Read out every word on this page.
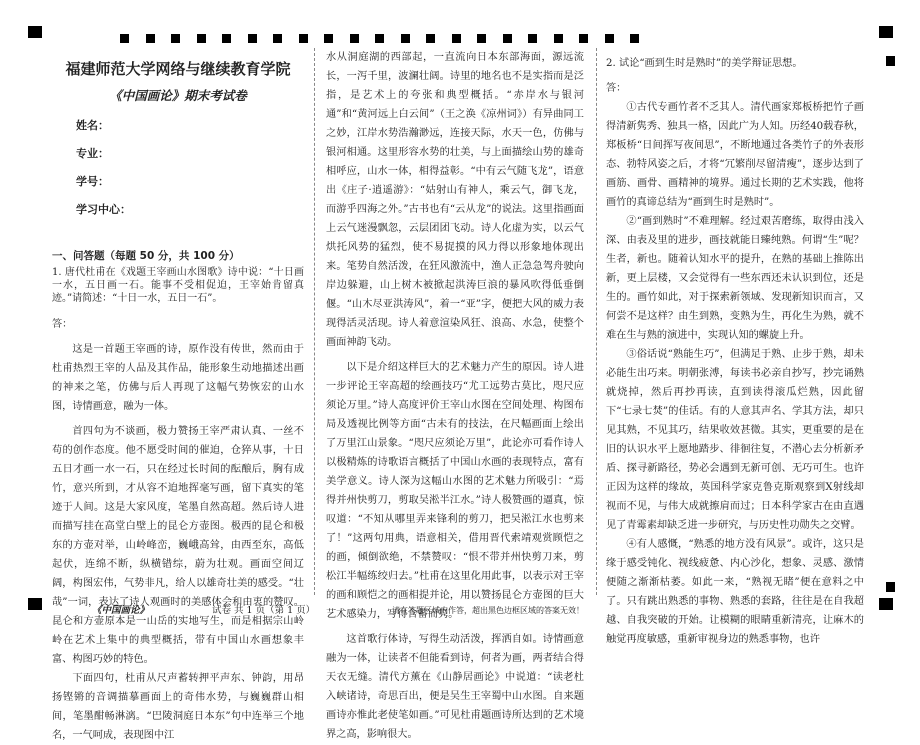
福建师范大学网络与继续教育学院
《中国画论》期末考试卷
姓名：
专业：
学号：
学习中心：
一、问答题（每题 50 分，共 100 分）
1. 唐代杜甫在《戏题王宰画山水图歌》诗中说：“十日画一水，五日画一石。能事不受相促迫，王宰始肯留真迹。”请简述：“十日一水，五日一石”。
答：

这是一首题王宰画的诗，原作没有传世，然而由于杜甫热烈王宰的人品及其作品，能形象生动地描述出画的神来之笔，仿佛与后人再现了这幅气势恢宏的山水图，诗情画意，融为一体。

首四句为不谈画，极力赞扬王宰严肃认真、一丝不苟的创作态度。他不愿受时间的催迫，仓猝从事，十日五日才画一水一石，只在经过长时间的酝酿后，胸有成竹，意兴所到，才从容不迫地挥毫写画，留下真实的笔迹于人间。这是大家风度，笔墨自然高超。然后诗人进而描写挂在高堂白壁上的昆仑方壶图。极西的昆仑和极东的方壶对举，山岭峰峦，巍峨高耸，由西至东，高低起伏，连绵不断，纵横错综，蔚为壮观。画面空间辽阔，构图宏伟，气势非凡，给人以雄奇壮美的感受。“壮哉”一词，表达了诗人观画时的美感体会和由衷的赞叹。昆仑和方壶原本是一山岳的实地写生，而是相据宗山岭岭在艺术上集中的典型概括，带有中国山水画想象丰富、构图巧妙的特色。

下面四句，杜甫从尺声蓄转押平声东、钟韵，用昂扬铿锵的音调描摹画面上的奇伟水势，与巍巍群山相间，笔墨酣畅淋漓。“巴陵洞庭日本东”句中连举三个地名，一气呵成，表现图中江

水从洞庭湖的西部起，一直流向日本东部海面，源远流长，一泻千里，波澜壮阔。诗里的地名也不是实指而是泛指，是艺术上的夸张和典型概括。“赤岸水与银河通”和“黄河远上白云间”（王之涣《凉州词》）有异曲同工之妙，江岸水势浩瀚渺远，连接天际，水天一色，仿佛与银河相通。这里形容水势的壮美，与上面描绘山势的雄奇相呼应，山水一体，相得益彰。“中有云气随飞龙”，语意出《庄子·逍遥游》：“姑射山有神人，乘云气，御飞龙，而游乎四海之外。”古书也有“云从龙”的说法。这里指画面上云气迷漫飘忽，云层团团飞动。诗人化虚为实，以云气烘托风势的猛烈，使不易捉摸的风力得以形象地体现出来。笔势自然活泼，在狂风激流中，渔人正急急驾舟驶向岸边躲避，山上树木被掀起洪涛巨浪的暴风吹得低垂倒偃。“山木尽亚洪涛风”，着一“亚”字，便把大风的威力表现得活灵活现。诗人着意渲染风狂、浪高、水急，使整个画面神韵飞动。

以下是介绍这样巨大的艺术魅力产生的原因。诗人进一步评论王宰高超的绘画技巧“尤工远势古莫比，咫尺应须论万里。”诗人高度评价王宰山水图在空间处理、构图布局及透视比例等方面“古未有的技法，在尺幅画面上绘出了万里江山景象。“咫尺应须论万里”，此论亦可看作诗人以极精炼的诗歌语言概括了中国山水画的表现特点，富有美学意义。诗人深为这幅山水图的艺术魅力所吸引：“焉得并州快剪刀，剪取吴淞半江水。”诗人极赞画的逼真，惊叹道：“不知从哪里弄来锋利的剪刀，把吴淞江水也剪来了！”这两句用典，语意相关，借用晋代索靖观赏顾恺之的画，倾倒欲绝，不禁赞叹：“恨不带并州快剪刀来，剪松江半幅练绞归去。”杜甫在这里化用此事，以表示对王宰的画和顾恺之的画相提并论，用以赞扬昆仑方壶图的巨大艺术感染力，写得含蓄而隽。

这首歌行体诗，写得生动活泼，挥洒自如。诗情画意融为一体，让读者不但能看到诗，何者为画，两者结合得天衣无缝。清代方薰在《山静居画论》中说道：“读老杜入峡诸诗，奇思百出，便是吴生王宰蜀中山水图。自来题画诗亦惟此老使笔如画。”可见杜甫题画诗所达到的艺术境界之高，影响很大。

2. 试论“画到生时是熟时”的美学辩证思想。

答：

①古代专画竹者不乏其人。清代画家郑板桥把竹子画得清新隽秀、独具一格，因此广为人知。历经40载春秋，郑板桥“日间挥写夜间思”，不断地通过各类竹子的外表形态、勃特风姿之后，才将“冗繁削尽留清瘦”，逐步达到了画筋、画骨、画精神的境界。通过长期的艺术实践，他将画竹的真谛总结为“画到生时是熟时”。

②“画到熟时”不难理解。经过艰苦磨练，取得由浅入深、由表及里的进步，画技就能日臻纯熟。何谓“生”呢？生者，新也。随着认知水平的提升，在熟的基础上推陈出新，更上层楼，又会觉得有一些东西还未认识到位，还是生的。画竹如此，对于探索新领域、发现新知识而言，又何尝不是这样？由生到熟，变熟为生，再化生为熟，就不难在生与熟的演进中，实现认知的螺旋上升。

③俗话说“熟能生巧”，但满足于熟、止步于熟，却未必能生出巧来。明朝张溥，每读书必亲自抄写，抄完诵熟就烧掉，然后再抄再读，直到读得滚瓜烂熟，因此留下“七录七焚”的佳话。有的人意其声名、学其方法，却只见其熟，不见其巧，结果收效甚微。其实，更重要的是在旧的认识水平上愿地踏步、徘徊往复，不潜心去分析新矛盾、探寻新路径，势必会遇到无新可创、无巧可生。也许正因为这样的缘故，英国科学家克鲁克斯观察到X射线却视而不见，与伟大成就擦肩而过；日本科学家古在由直遇见了青霉素却缺乏进一步研究，与历史性功勋失之交臂。

④有人感慨，“熟悉的地方没有风景”。或许，这只是缘于感受钝化、视线疲惫、内心沙化，想象、灵感、激情便随之渐渐枯萎。如此一来，“熟视无睹”便在意料之中了。只有跳出熟悉的事物、熟悉的套路，往往是在自我超越、自我突破的开始。让模糊的眼睛重新清亮，让麻木的触觉再度敏感，重新审视身边的熟悉事物，也许

《中国画论》	试卷 共 1 页（第 1 页）	请在答题区域内作答，超出黑色边框区域的答案无效！
